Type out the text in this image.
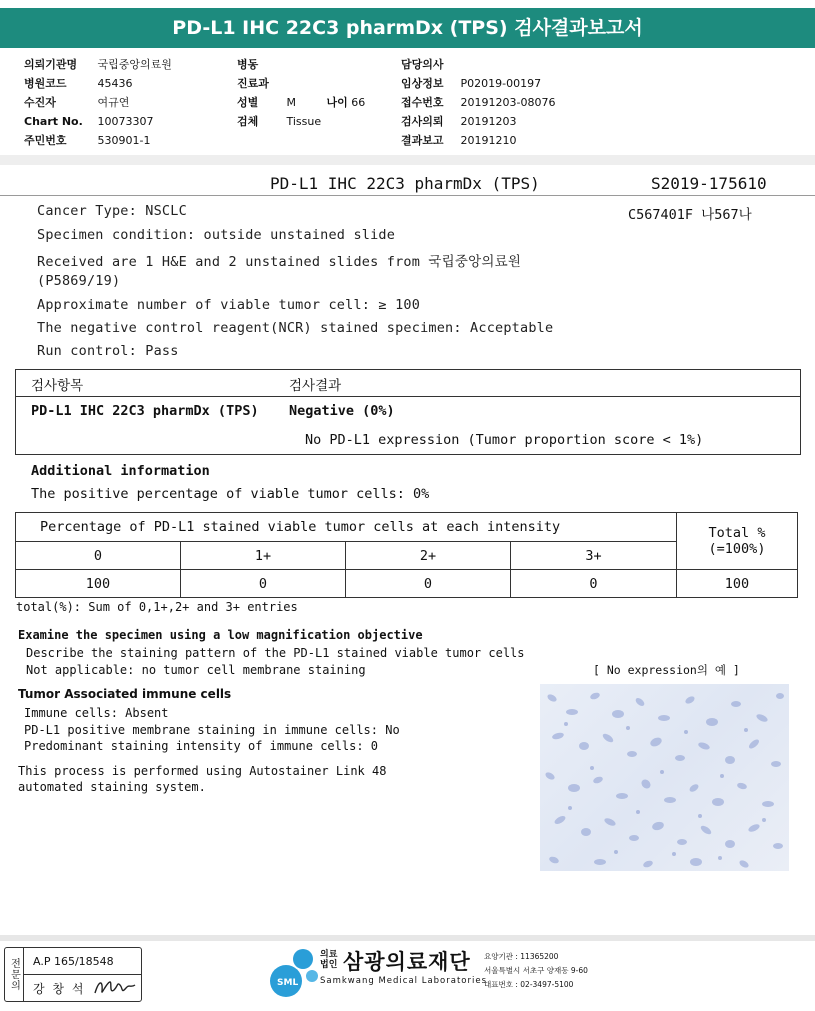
PD-L1 IHC 22C3 pharmDx (TPS) 검사결과보고서
의뢰기관명 국립중앙의료원
병원코드	45436
수진자	여규연
Chart No. 10073307
주민번호	530901-1
병동
진료과
성별	M	나이 66
검체	Tissue
담당의사
임상정보 P02019-00197
접수번호 20191203-08076
검사의뢰 20191203
결과보고 20191210
PD-L1 IHC 22C3 pharmDx (TPS)	S2019-175610
C567401F 나567나
Cancer Type: NSCLC
Specimen condition: outside unstained slide
Received are 1 H&E and 2 unstained slides from 국립중앙의료원
(P5869/19)
Approximate number of viable tumor cell: ≥ 100
The negative control reagent(NCR) stained specimen: Acceptable
Run control: Pass
검사항목	검사결과
PD-L1 IHC 22C3 pharmDx (TPS) Negative (0%)
No PD-L1 expression (Tumor proportion score < 1%)
Additional information
The positive percentage of viable tumor cells: 0%
Percentage of PD-L1 stained viable tumor cells at each intensity	Total %
(=100%)
0	1+	2+	3+
100	0	0	0	100
total(%): Sum of 0,1+,2+ and 3+ entries
Examine the specimen using a low magnification objective
Describe the staining pattern of the PD-L1 stained viable tumor cells
Not applicable: no tumor cell membrane staining
Tumor Associated immune cells
Immune cells: Absent
PD-L1 positive membrane staining in immune cells: No
Predominant staining intensity of immune cells: 0
This process is performed using Autostainer Link 48
automated staining system.
[ No expression의 예 ]
전문의	A.P 165/18548
강 창 석	SML
의료
법인 삼광의료재단
Samkwang Medical Laboratories
요양기관 : 11365200
서울특별시 서초구 양재동 9-60
대표번호 : 02-3497-5100
